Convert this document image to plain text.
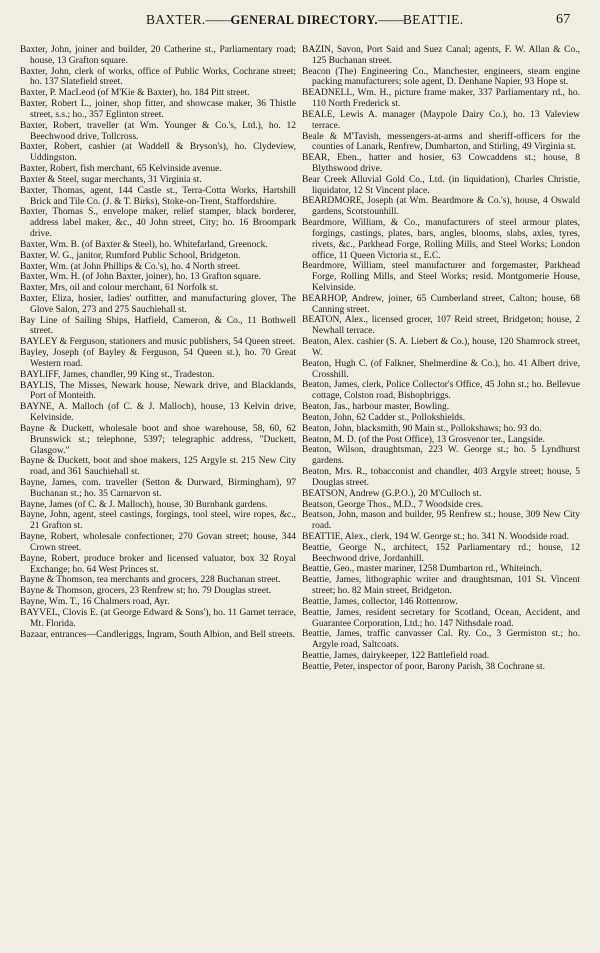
BAXTER.——GENERAL DIRECTORY.——BEATTIE.	67

Baxter, John, joiner and builder, 20 Catherine st., Parliamentary road; house, 13 Grafton square.

Baxter, John, clerk of works, office of Public Works, Cochrane street; ho. 137 Slatefield street.

Baxter, P. MacLeod (of M'Kie & Baxter), ho. 184 Pitt street.

Baxter, Robert L., joiner, shop fitter, and showcase maker, 36 Thistle street, s.s.; ho., 357 Eglinton street.

Baxter, Robert, traveller (at Wm. Younger & Co.'s, Ltd.), ho. 12 Beechwood drive, Tollcross.

Baxter, Robert, cashier (at Waddell & Bryson's), ho. Clydeview, Uddingston.

Baxter, Robert, fish merchant, 65 Kelvinside avenue.

Baxter & Steel, sugar merchants, 31 Virginia st.

Baxter, Thomas, agent, 144 Castle st., Terra-Cotta Works, Hartshill Brick and Tile Co. (J. & T. Birks), Stoke-on-Trent, Staffordshire.

Baxter, Thomas S., envelope maker, relief stamper, black borderer, address label maker, &c., 40 John street, City; ho. 16 Broompark drive.

Baxter, Wm. B. (of Baxter & Steel), ho. Whitefarland, Greenock.

Baxter, W. G., janitor, Rumford Public School, Bridgeton.

Baxter, Wm. (at John Phillips & Co.'s), ho. 4 North street.

Baxter, Wm. H. (of John Baxter, joiner), ho. 13 Grafton square.

Baxter, Mrs, oil and colour merchant, 61 Norfolk st.

Baxter, Eliza, hosier, ladies' outfitter, and manufacturing glover, The Glove Salon, 273 and 275 Sauchiehall st.

Bay Line of Sailing Ships, Hatfield, Cameron, & Co., 11 Bothwell street.

BAYLEY & Ferguson, stationers and music publishers, 54 Queen street.

Bayley, Joseph (of Bayley & Ferguson, 54 Queen st.), ho. 70 Great Western road.

BAYLIFF, James, chandler, 99 King st., Tradeston.

BAYLIS, The Misses, Newark house, Newark drive, and Blacklands, Port of Monteith.

BAYNE, A. Malloch (of C. & J. Malloch), house, 13 Kelvin drive, Kelvinside.

Bayne & Duckett, wholesale boot and shoe warehouse, 58, 60, 62 Brunswick st.; telephone, 5397; telegraphic address, "Duckett, Glasgow."

Bayne & Duckett, boot and shoe makers, 125 Argyle st. 215 New City road, and 361 Sauchiehall st.

Bayne, James, com. traveller (Setton & Durward, Birmingham), 97 Buchanan st.; ho. 35 Carnarvon st.

Bayne, James (of C. & J. Malloch), house, 30 Burnbank gardens.

Bayne, John, agent, steel castings, forgings, tool steel, wire ropes, &c., 21 Grafton st.

Bayne, Robert, wholesale confectioner, 270 Govan street; house, 344 Crown street.

Bayne, Robert, produce broker and licensed valuator, box 32 Royal Exchange; ho. 64 West Princes st.

Bayne & Thomson, tea merchants and grocers, 228 Buchanan street.

Bayne & Thomson, grocers, 23 Renfrew st; ho. 79 Douglas street.

Bayne, Wm. T., 16 Chalmers road, Ayr.

BAYVEL, Clovis E. (at George Edward & Sons'), ho. 11 Garnet terrace, Mt. Florida.

Bazaar, entrances—Candleriggs, Ingram, South Albion, and Bell streets.

BAZIN, Savon, Port Said and Suez Canal; agents, F. W. Allan & Co., 125 Buchanan street.

Beacon (The) Engineering Co., Manchester, engineers, steam engine packing manufacturers; sole agent, D. Denhane Napier, 93 Hope st.

BEADNELL, Wm. H., picture frame maker, 337 Parliamentary rd., ho. 110 North Frederick st.

BEALE, Lewis A. manager (Maypole Dairy Co.), ho. 13 Valeview terrace.

Beale & M'Tavish, messengers-at-arms and sheriff-officers for the counties of Lanark, Renfrew, Dumbarton, and Stirling, 49 Virginia st.

BEAR, Eben., hatter and hosier, 63 Cowcaddens st.; house, 8 Blythswood drive.

Bear Creek Alluvial Gold Co., Ltd. (in liquidation), Charles Christie, liquidator, 12 St Vincent place.

BEARDMORE, Joseph (at Wm. Beardmore & Co.'s), house, 4 Oswald gardens, Scotstounhill.

Beardmore, William, & Co., manufacturers of steel armour plates, forgings, castings, plates, bars, angles, blooms, slabs, axles, tyres, rivets, &c., Parkhead Forge, Rolling Mills, and Steel Works; London office, 11 Queen Victoria st., E.C.

Beardmore, William, steel manufacturer and forgemaster, Parkhead Forge, Rolling Mills, and Steel Works; resid. Montgomerie House, Kelvinside.

BEARHOP, Andrew, joiner, 65 Cumberland street, Calton; house, 68 Canning street.

BEATON, Alex., licensed grocer, 107 Reid street, Bridgeton; house, 2 Newhall terrace.

Beaton, Alex. cashier (S. A. Liebert & Co.), house, 120 Shamrock street, W.

Beaton, Hugh C. (of Falkner, Shelmerdine & Co.), ho. 41 Albert drive, Crosshill.

Beaton, James, clerk, Police Collector's Office, 45 John st.; ho. Bellevue cottage, Colston road, Bishopbriggs.

Beaton, Jas., harbour master, Bowling.

Beaton, John, 62 Cadder st., Pollokshields.

Beaton, John, blacksmith, 90 Main st., Pollokshaws; ho. 93 do.

Beaton, M. D. (of the Post Office), 13 Grosvenor ter., Langside.

Beaton, Wilson, draughtsman, 223 W. George st.; ho. 5 Lyndhurst gardens.

Beaton, Mrs. R., tobacconist and chandler, 403 Argyle street; house, 5 Douglas street.

BEATSON, Andrew (G.P.O.), 20 M'Culloch st.

Beatson, George Thos., M.D., 7 Woodside cres.

Beatson, John, mason and builder, 95 Renfrew st.; house, 309 New City road.

BEATTIE, Alex., clerk, 194 W. George st.; ho. 341 N. Woodside road.

Beattie, George N., architect, 152 Parliamentary rd.; house, 12 Beechwood drive, Jordanhill.

Beattie, Geo., master mariner, 1258 Dumbarton rd., Whiteinch.

Beattie, James, lithographic writer and draughtsman, 101 St. Vincent street; ho. 82 Main street, Bridgeton.

Beattie, James, collector, 146 Rottenrow.

Beattie, James, resident secretary for Scotland, Ocean, Accident, and Guarantee Corporation, Ltd.; ho. 147 Nithsdale road.

Beattie, James, traffic canvasser Cal. Ry. Co., 3 Germiston st.; ho. Argyle road, Saltcoats.

Beattie, James, dairykeeper, 122 Battlefield road.

Beattie, Peter, inspector of poor, Barony Parish, 38 Cochrane st.
